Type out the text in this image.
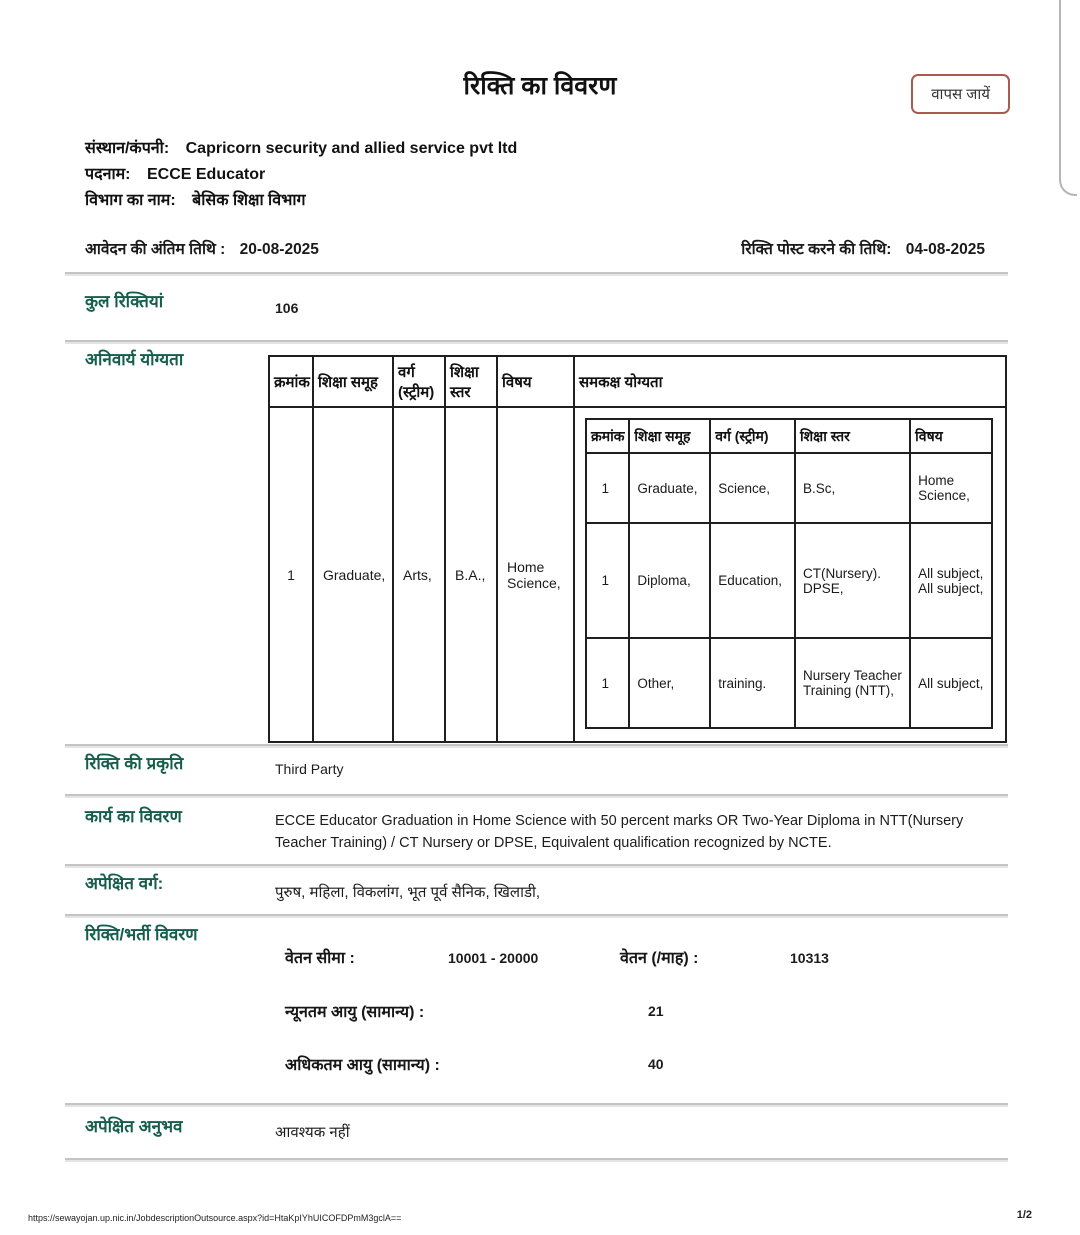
रिक्ति का विवरण	वापस जायें
संस्थान/कंपनी: Capricorn security and allied service pvt ltd
पदनाम: ECCE Educator
विभाग का नाम: बेसिक शिक्षा विभाग
आवेदन की अंतिम तिथि : 20-08-2025	रिक्ति पोस्ट करने की तिथि: 04-08-2025
कुल रिक्तियां	106
अनिवार्य योग्यता
क्रमांक	शिक्षा समूह	वर्ग (स्ट्रीम)	शिक्षा स्तर	विषय	समकक्ष योग्यता
1	Graduate,	Arts,	B.A.,	Home Science,	
क्रमांक	शिक्षा समूह	वर्ग (स्ट्रीम)	शिक्षा स्तर	विषय
1	Graduate,	Science,	B.Sc,	Home Science,
1	Diploma,	Education,	CT(Nursery). DPSE,	All subject, All subject,
1	Other,	training.	Nursery Teacher Training (NTT),	All subject,
रिक्ति की प्रकृति	Third Party
कार्य का विवरण	ECCE Educator Graduation in Home Science with 50 percent marks OR Two-Year Diploma in NTT(Nursery Teacher Training) / CT Nursery or DPSE, Equivalent qualification recognized by NCTE.
अपेक्षित वर्ग:	पुरुष, महिला, विकलांग, भूत पूर्व सैनिक, खिलाडी,
रिक्ति/भर्ती विवरण
वेतन सीमा :	10001 - 20000	वेतन (/माह) :	10313
न्यूनतम आयु (सामान्य) :	21
अधिकतम आयु (सामान्य) :	40
अपेक्षित अनुभव	आवश्यक नहीं
https://sewayojan.up.nic.in/JobdescriptionOutsource.aspx?id=HtaKpIYhUICOFDPmM3gclA==	1/2
